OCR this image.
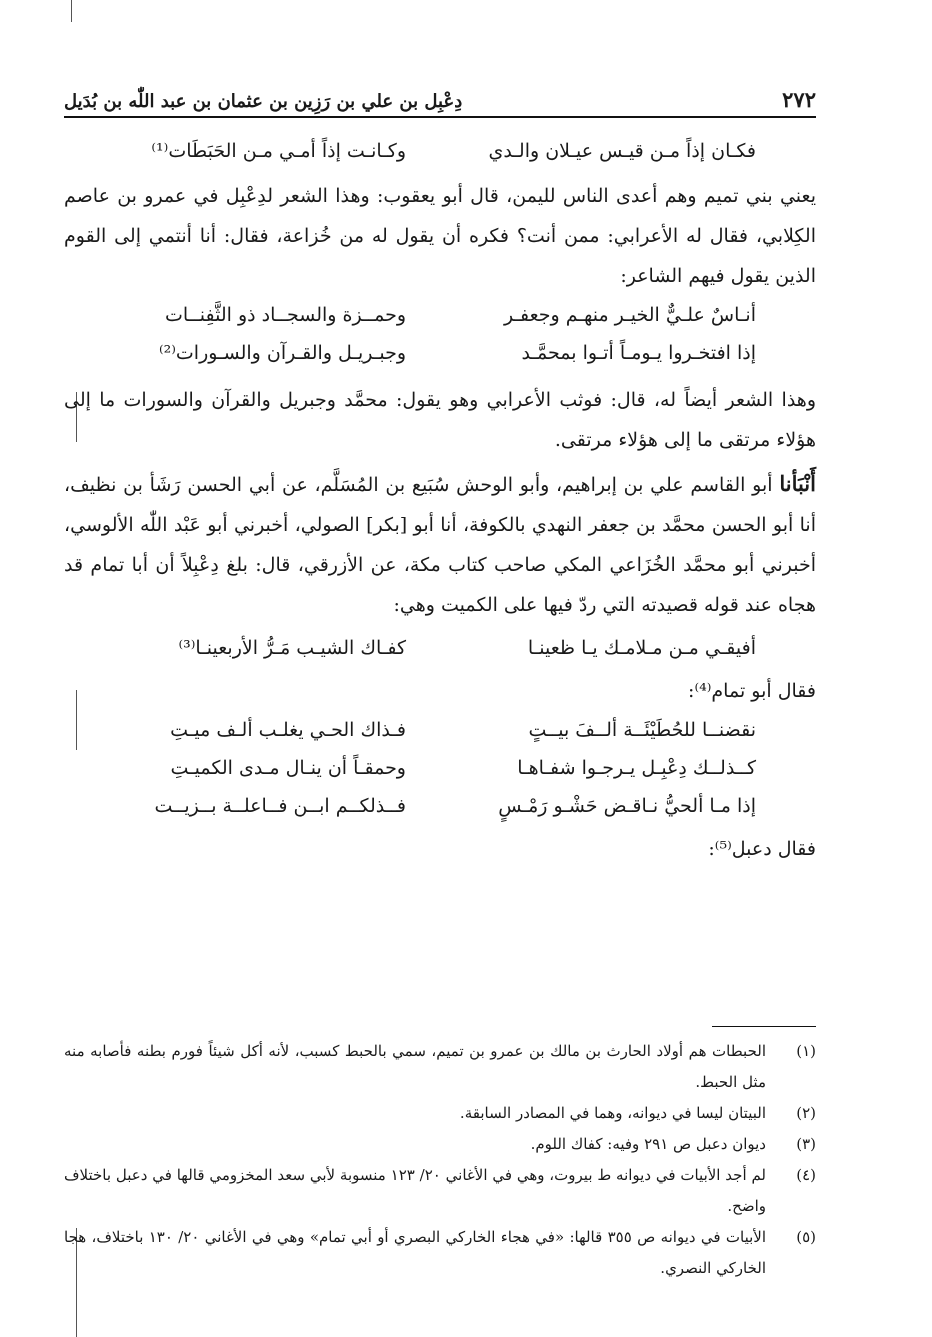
٢٧٢
دِعْبِل بن علي بن رَزِين بن عثمان بن عبد اللّٰه بن بُدَيل
فكـان إذاً مـن قيـس عيـلان والـدي
وكـانـت إذاً أمـي مـن الحَبَطَات⁽¹⁾

يعني بني تميم وهم أعدى الناس لليمن، قال أبو يعقوب: وهذا الشعر لدِعْبِل في عمرو بن عاصم الكِلابي، فقال له الأعرابي: ممن أنت؟ فكره أن يقول له من خُزاعة، فقال: أنا أنتمي إلى القوم الذين يقول فيهم الشاعر:

أنـاسٌ علـيٌّ الخيـر منهـم وجعفـر
وحمــزة والسجــاد ذو الثَّفِنــات
إذا افتخـروا يـومـاً أتـوا بمحمَّـد
وجبـريـل والقـرآن والسـورات⁽²⁾

وهذا الشعر أيضاً له، قال: فوثب الأعرابي وهو يقول: محمَّد وجبريل والقرآن والسورات ما إلى هؤلاء مرتقى ما إلى هؤلاء مرتقى.

أَنْبَأنا أبو القاسم علي بن إبراهيم، وأبو الوحش سُبَيع بن المُسَلَّم، عن أبي الحسن رَشَأ بن نظيف، أنا أبو الحسن محمَّد بن جعفر النهدي بالكوفة، أنا أبو [بكر] الصولي، أخبرني أبو عَبْد اللّٰه الألوسي، أخبرني أبو محمَّد الخُزَاعي المكي صاحب كتاب مكة، عن الأزرقي، قال: بلغ دِعْبِلاً أن أبا تمام قد هجاه عند قوله قصيدته التي ردّ فيها على الكميت وهي:

أفيقـي مـن مـلامـك يـا ظعينـا
كفـاك الشيـب مَـرُّ الأربعينـا⁽³⁾

فقال أبو تمام⁽⁴⁾:

نقضنــا للحُطَيْئَــة ألــفَ بيــتٍ
فـذاك الحـي يغلـب ألـف ميـتِ
كــذلــك دِعْبِـل يـرجـوا شفـاهـا
وحمقـاً أن ينـال مـدى الكميـتِ
إذا مـا ألحيُّ نـاقـض حَشْـو رَمْـسٍ
فــذلكــم ابــن فــاعلــة بــزيــت

فقال دعبل⁽⁵⁾:

(١)
الحبطات هم أولاد الحارث بن مالك بن عمرو بن تميم، سمي بالحبط كسبب، لأنه أكل شيئاً فورم بطنه فأصابه منه مثل الحبط.
(٢)
البيتان ليسا في ديوانه، وهما في المصادر السابقة.
(٣)
ديوان دعبل ص ٢٩١ وفيه: كفاك اللوم.
(٤)
لم أجد الأبيات في ديوانه ط بيروت، وهي في الأغاني ٢٠/ ١٢٣ منسوبة لأبي سعد المخزومي قالها في دعبل باختلاف واضح.
(٥)
الأبيات في ديوانه ص ٣٥٥ قالها: «في هجاء الخاركي البصري أو أبي تمام» وهي في الأغاني ٢٠/ ١٣٠ باختلاف، هجا الخاركي النصري.
